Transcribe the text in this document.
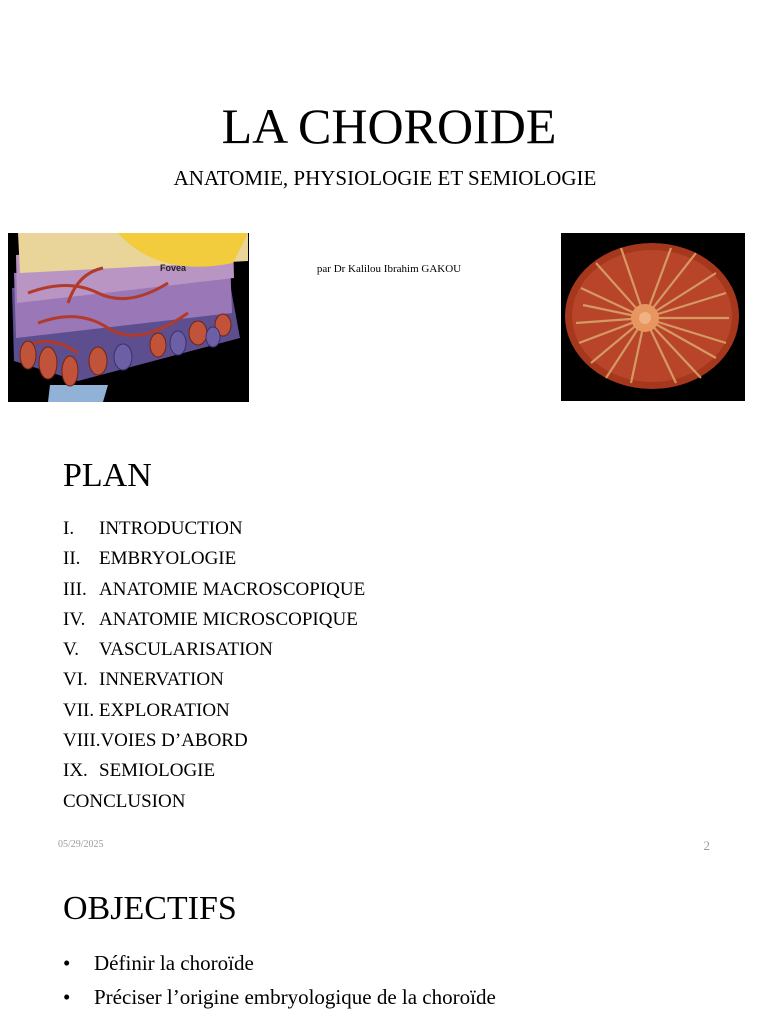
LA CHOROIDE
ANATOMIE, PHYSIOLOGIE ET SEMIOLOGIE
Fovea	par Dr Kalilou Ibrahim GAKOU
PLAN
I. INTRODUCTION
II. EMBRYOLOGIE
III. ANATOMIE MACROSCOPIQUE
IV. ANATOMIE MICROSCOPIQUE
V. VASCULARISATION
VI. INNERVATION
VII. EXPLORATION
VIII.VOIES D’ABORD
IX. SEMIOLOGIE
CONCLUSION
05/29/2025	2
OBJECTIFS
• Définir la choroïde
• Préciser l’origine embryologique de la choroïde
